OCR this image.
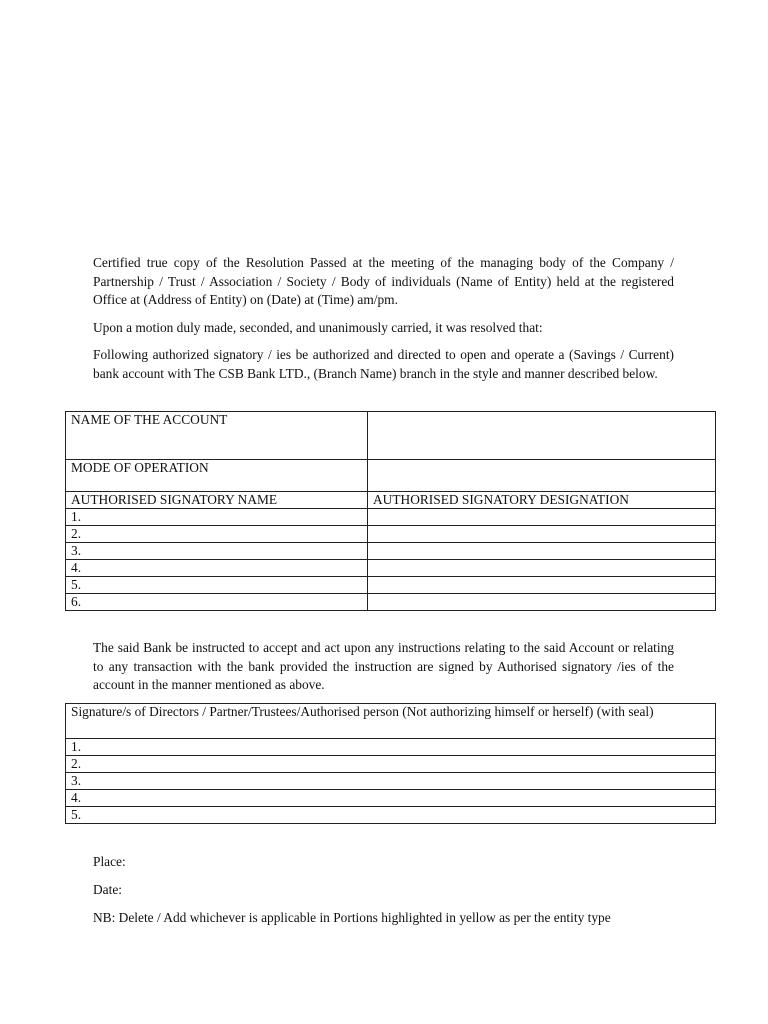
Certified true copy of the Resolution Passed at the meeting of the managing body of the Company / Partnership / Trust / Association / Society / Body of individuals (Name of Entity) held at the registered Office at (Address of Entity) on (Date) at (Time) am/pm.

Upon a motion duly made, seconded, and unanimously carried, it was resolved that:

Following authorized signatory / ies be authorized and directed to open and operate a (Savings / Current) bank account with The CSB Bank LTD., (Branch Name) branch in the style and manner described below.

NAME OF THE ACCOUNT	
MODE OF OPERATION	
AUTHORISED SIGNATORY NAME	AUTHORISED SIGNATORY DESIGNATION
1.	
2.	
3.	
4.	
5.	
6.	

The said Bank be instructed to accept and act upon any instructions relating to the said Account or relating to any transaction with the bank provided the instruction are signed by Authorised signatory /ies of the account in the manner mentioned as above.

Signature/s of Directors / Partner/Trustees/Authorised person (Not authorizing himself or herself) (with seal)
1.
2.
3.
4.
5.

Place:

Date:

NB: Delete / Add whichever is applicable in Portions highlighted in yellow as per the entity type
